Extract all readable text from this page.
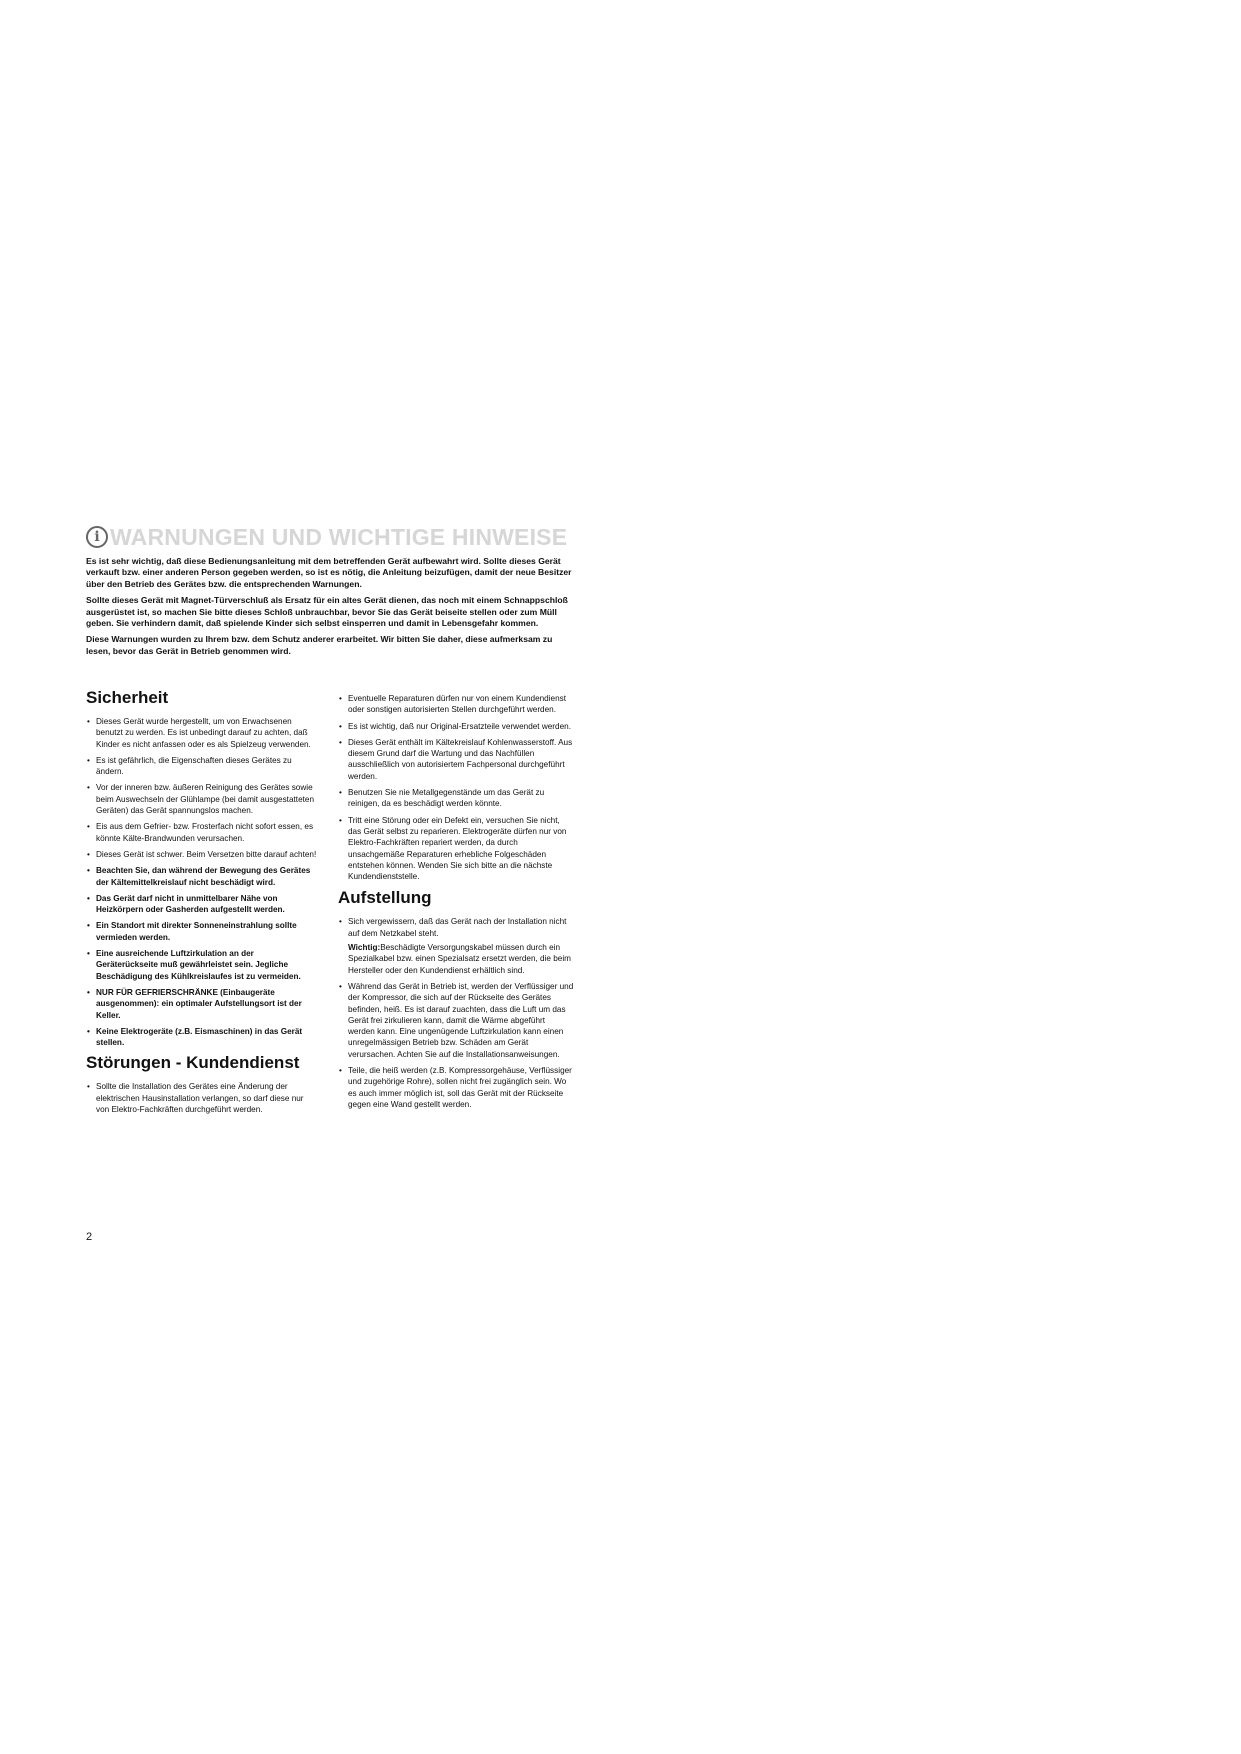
i WARNUNGEN UND WICHTIGE HINWEISE

Es ist sehr wichtig, daß diese Bedienungsanleitung mit dem betreffenden Gerät aufbewahrt wird. Sollte dieses Gerät verkauft bzw. einer anderen Person gegeben werden, so ist es nötig, die Anleitung beizufügen, damit der neue Besitzer über den Betrieb des Gerätes bzw. die entsprechenden Warnungen.

Sollte dieses Gerät mit Magnet-Türverschluß als Ersatz für ein altes Gerät dienen, das noch mit einem Schnappschloß ausgerüstet ist, so machen Sie bitte dieses Schloß unbrauchbar, bevor Sie das Gerät beiseite stellen oder zum Müll geben. Sie verhindern damit, daß spielende Kinder sich selbst einsperren und damit in Lebensgefahr kommen.

Diese Warnungen wurden zu Ihrem bzw. dem Schutz anderer erarbeitet. Wir bitten Sie daher, diese aufmerksam zu lesen, bevor das Gerät in Betrieb genommen wird.

Sicherheit
• Dieses Gerät wurde hergestellt, um von Erwachsenen benutzt zu werden. Es ist unbedingt darauf zu achten, daß Kinder es nicht anfassen oder es als Spielzeug verwenden.
• Es ist gefährlich, die Eigenschaften dieses Gerätes zu ändern.
• Vor der inneren bzw. äußeren Reinigung des Gerätes sowie beim Auswechseln der Glühlampe (bei damit ausgestatteten Geräten) das Gerät spannungslos machen.
• Eis aus dem Gefrier- bzw. Frosterfach nicht sofort essen, es könnte Kälte-Brandwunden verursachen.
• Dieses Gerät ist schwer. Beim Versetzen bitte darauf achten!
• Beachten Sie, dan während der Bewegung des Gerätes der Kältemittelkreislauf nicht beschädigt wird.
• Das Gerät darf nicht in unmittelbarer Nähe von Heizkörpern oder Gasherden aufgestellt werden.
• Ein Standort mit direkter Sonneneinstrahlung sollte vermieden werden.
• Eine ausreichende Luftzirkulation an der Geräterückseite muß gewährleistet sein. Jegliche Beschädigung des Kühlkreislaufes ist zu vermeiden.
• NUR FÜR GEFRIERSCHRÄNKE (Einbaugeräte ausgenommen): ein optimaler Aufstellungsort ist der Keller.
• Keine Elektrogeräte (z.B. Eismaschinen) in das Gerät stellen.
Störungen - Kundendienst
• Sollte die Installation des Gerätes eine Änderung der elektrischen Hausinstallation verlangen, so darf diese nur von Elektro-Fachkräften durchgeführt werden.
• Eventuelle Reparaturen dürfen nur von einem Kundendienst oder sonstigen autorisierten Stellen durchgeführt werden.
• Es ist wichtig, daß nur Original-Ersatzteile verwendet werden.
• Dieses Gerät enthält im Kältekreislauf Kohlenwasserstoff. Aus diesem Grund darf die Wartung und das Nachfüllen ausschließlich von autorisiertem Fachpersonal durchgeführt werden.
• Benutzen Sie nie Metallgegenstände um das Gerät zu reinigen, da es beschädigt werden könnte.
• Tritt eine Störung oder ein Defekt ein, versuchen Sie nicht, das Gerät selbst zu reparieren. Elektrogeräte dürfen nur von Elektro-Fachkräften repariert werden, da durch unsachgemäße Reparaturen erhebliche Folgeschäden entstehen können. Wenden Sie sich bitte an die nächste Kundendienststelle.
Aufstellung
• Sich vergewissern, daß das Gerät nach der Installation nicht auf dem Netzkabel steht.
Wichtig:Beschädigte Versorgungskabel müssen durch ein Spezialkabel bzw. einen Spezialsatz ersetzt werden, die beim Hersteller oder den Kundendienst erhältlich sind.
• Während das Gerät in Betrieb ist, werden der Verflüssiger und der Kompressor, die sich auf der Rückseite des Gerätes befinden, heiß. Es ist darauf zuachten, dass die Luft um das Gerät frei zirkulieren kann, damit die Wärme abgeführt werden kann. Eine ungenügende Luftzirkulation kann einen unregelmässigen Betrieb bzw. Schäden am Gerät verursachen. Achten Sie auf die Installationsanweisungen.
• Teile, die heiß werden (z.B. Kompressorgehäuse, Verflüssiger und zugehörige Rohre), sollen nicht frei zugänglich sein. Wo es auch immer möglich ist, soll das Gerät mit der Rückseite gegen eine Wand gestellt werden.
2
